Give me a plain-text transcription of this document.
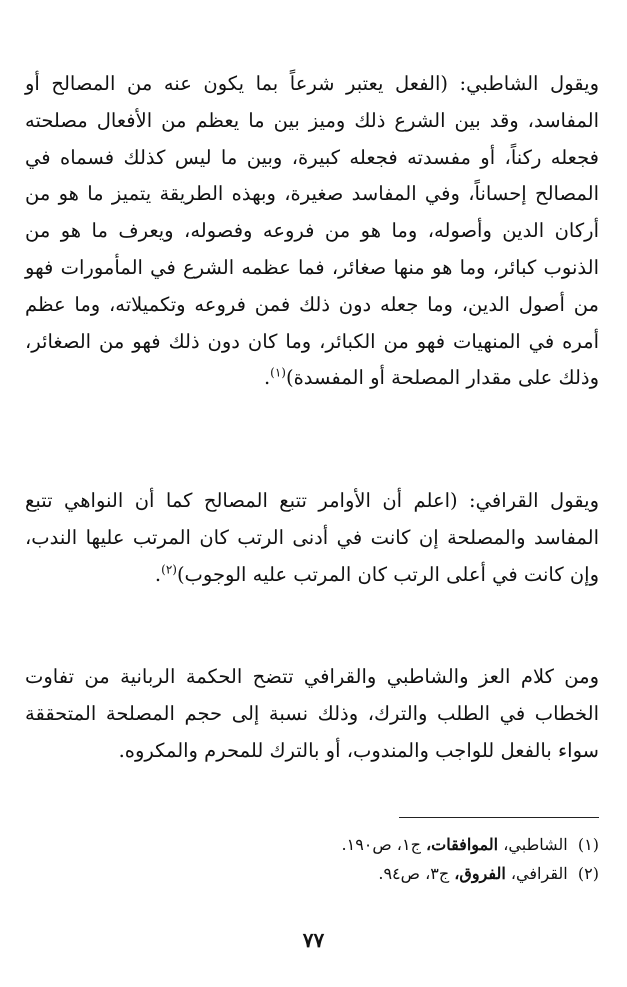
ويقول الشاطبي: (الفعل يعتبر شرعاً بما يكون عنه من المصالح أو المفاسد، وقد بين الشرع ذلك وميز بين ما يعظم من الأفعال مصلحته فجعله ركناً، أو مفسدته فجعله كبيرة، وبين ما ليس كذلك فسماه في المصالح إحساناً، وفي المفاسد صغيرة، وبهذه الطريقة يتميز ما هو من أركان الدين وأصوله، وما هو من فروعه وفصوله، ويعرف ما هو من الذنوب كبائر، وما هو منها صغائر، فما عظمه الشرع في المأمورات فهو من أصول الدين، وما جعله دون ذلك فمن فروعه وتكميلاته، وما عظم أمره في المنهيات فهو من الكبائر، وما كان دون ذلك فهو من الصغائر، وذلك على مقدار المصلحة أو المفسدة)$^{(١)}$.

ويقول القرافي: (اعلم أن الأوامر تتبع المصالح كما أن النواهي تتبع المفاسد والمصلحة إن كانت في أدنى الرتب كان المرتب عليها الندب، وإن كانت في أعلى الرتب كان المرتب عليه الوجوب)$^{(٢)}$.

ومن كلام العز والشاطبي والقرافي تتضح الحكمة الربانية من تفاوت الخطاب في الطلب والترك، وذلك نسبة إلى حجم المصلحة المتحققة سواء بالفعل للواجب والمندوب، أو بالترك للمحرم والمكروه.

(١)  الشاطبي، الموافقات، ج١، ص١٩٠.
(٢)  القرافي، الفروق، ج٣، ص٩٤.
٧٧
